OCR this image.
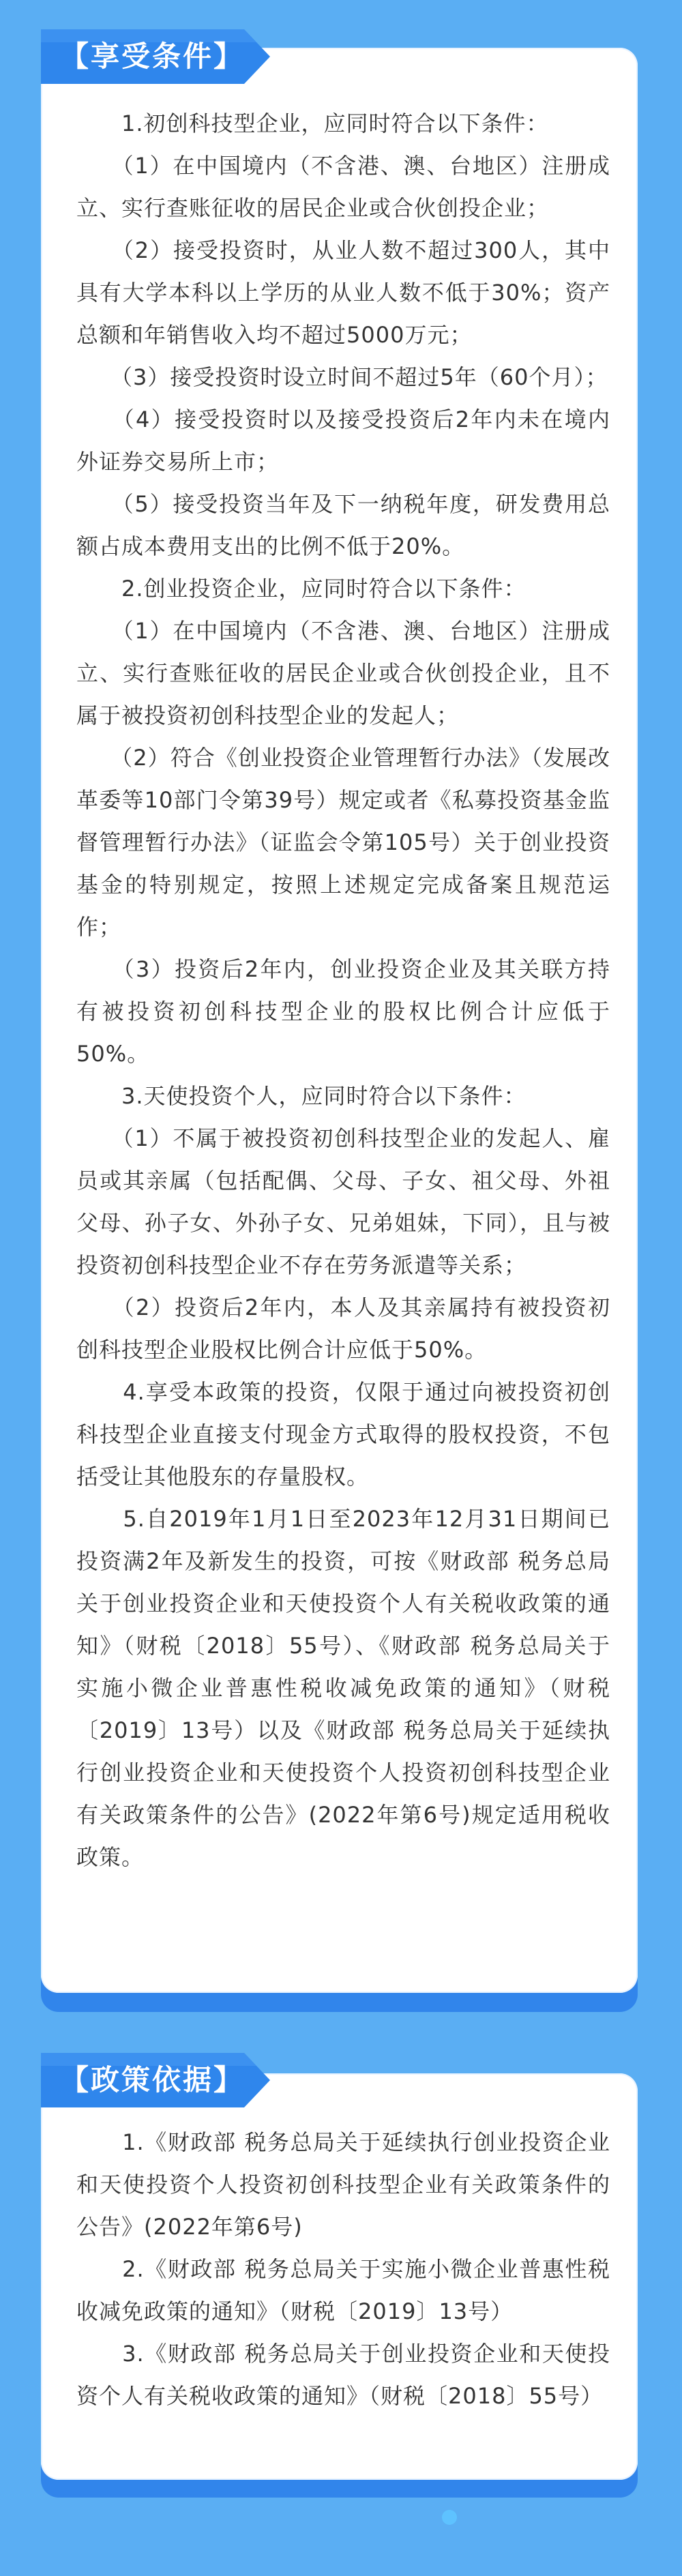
【享受条件】

　　1.初创科技型企业，应同时符合以下条件：

　　（1）在中国境内（不含港、澳、台地区）注册成立、实行查账征收的居民企业或合伙创投企业；

　　（2）接受投资时，从业人数不超过300人，其中具有大学本科以上学历的从业人数不低于30%；资产总额和年销售收入均不超过5000万元；

　　（3）接受投资时设立时间不超过5年（60个月）；

　　（4）接受投资时以及接受投资后2年内未在境内外证券交易所上市；

　　（5）接受投资当年及下一纳税年度，研发费用总额占成本费用支出的比例不低于20%。

　　2.创业投资企业，应同时符合以下条件：

　　（1）在中国境内（不含港、澳、台地区）注册成立、实行查账征收的居民企业或合伙创投企业，且不属于被投资初创科技型企业的发起人；

　　（2）符合《创业投资企业管理暂行办法》（发展改革委等10部门令第39号）规定或者《私募投资基金监督管理暂行办法》（证监会令第105号）关于创业投资基金的特别规定，按照上述规定完成备案且规范运作；

　　（3）投资后2年内，创业投资企业及其关联方持有被投资初创科技型企业的股权比例合计应低于50%。

　　3.天使投资个人，应同时符合以下条件：

　　（1）不属于被投资初创科技型企业的发起人、雇员或其亲属（包括配偶、父母、子女、祖父母、外祖父母、孙子女、外孙子女、兄弟姐妹，下同），且与被投资初创科技型企业不存在劳务派遣等关系；

　　（2）投资后2年内，本人及其亲属持有被投资初创科技型企业股权比例合计应低于50%。

　　4.享受本政策的投资，仅限于通过向被投资初创科技型企业直接支付现金方式取得的股权投资，不包括受让其他股东的存量股权。

　　5.自2019年1月1日至2023年12月31日期间已投资满2年及新发生的投资，可按《财政部 税务总局关于创业投资企业和天使投资个人有关税收政策的通知》（财税〔2018〕55号）、《财政部 税务总局关于实施小微企业普惠性税收减免政策的通知》（财税〔2019〕13号）以及《财政部 税务总局关于延续执行创业投资企业和天使投资个人投资初创科技型企业有关政策条件的公告》(2022年第6号)规定适用税收政策。

【政策依据】

　　1.《财政部 税务总局关于延续执行创业投资企业和天使投资个人投资初创科技型企业有关政策条件的公告》(2022年第6号)

　　2.《财政部 税务总局关于实施小微企业普惠性税收减免政策的通知》（财税〔2019〕13号）

　　3.《财政部 税务总局关于创业投资企业和天使投资个人有关税收政策的通知》（财税〔2018〕55号）
